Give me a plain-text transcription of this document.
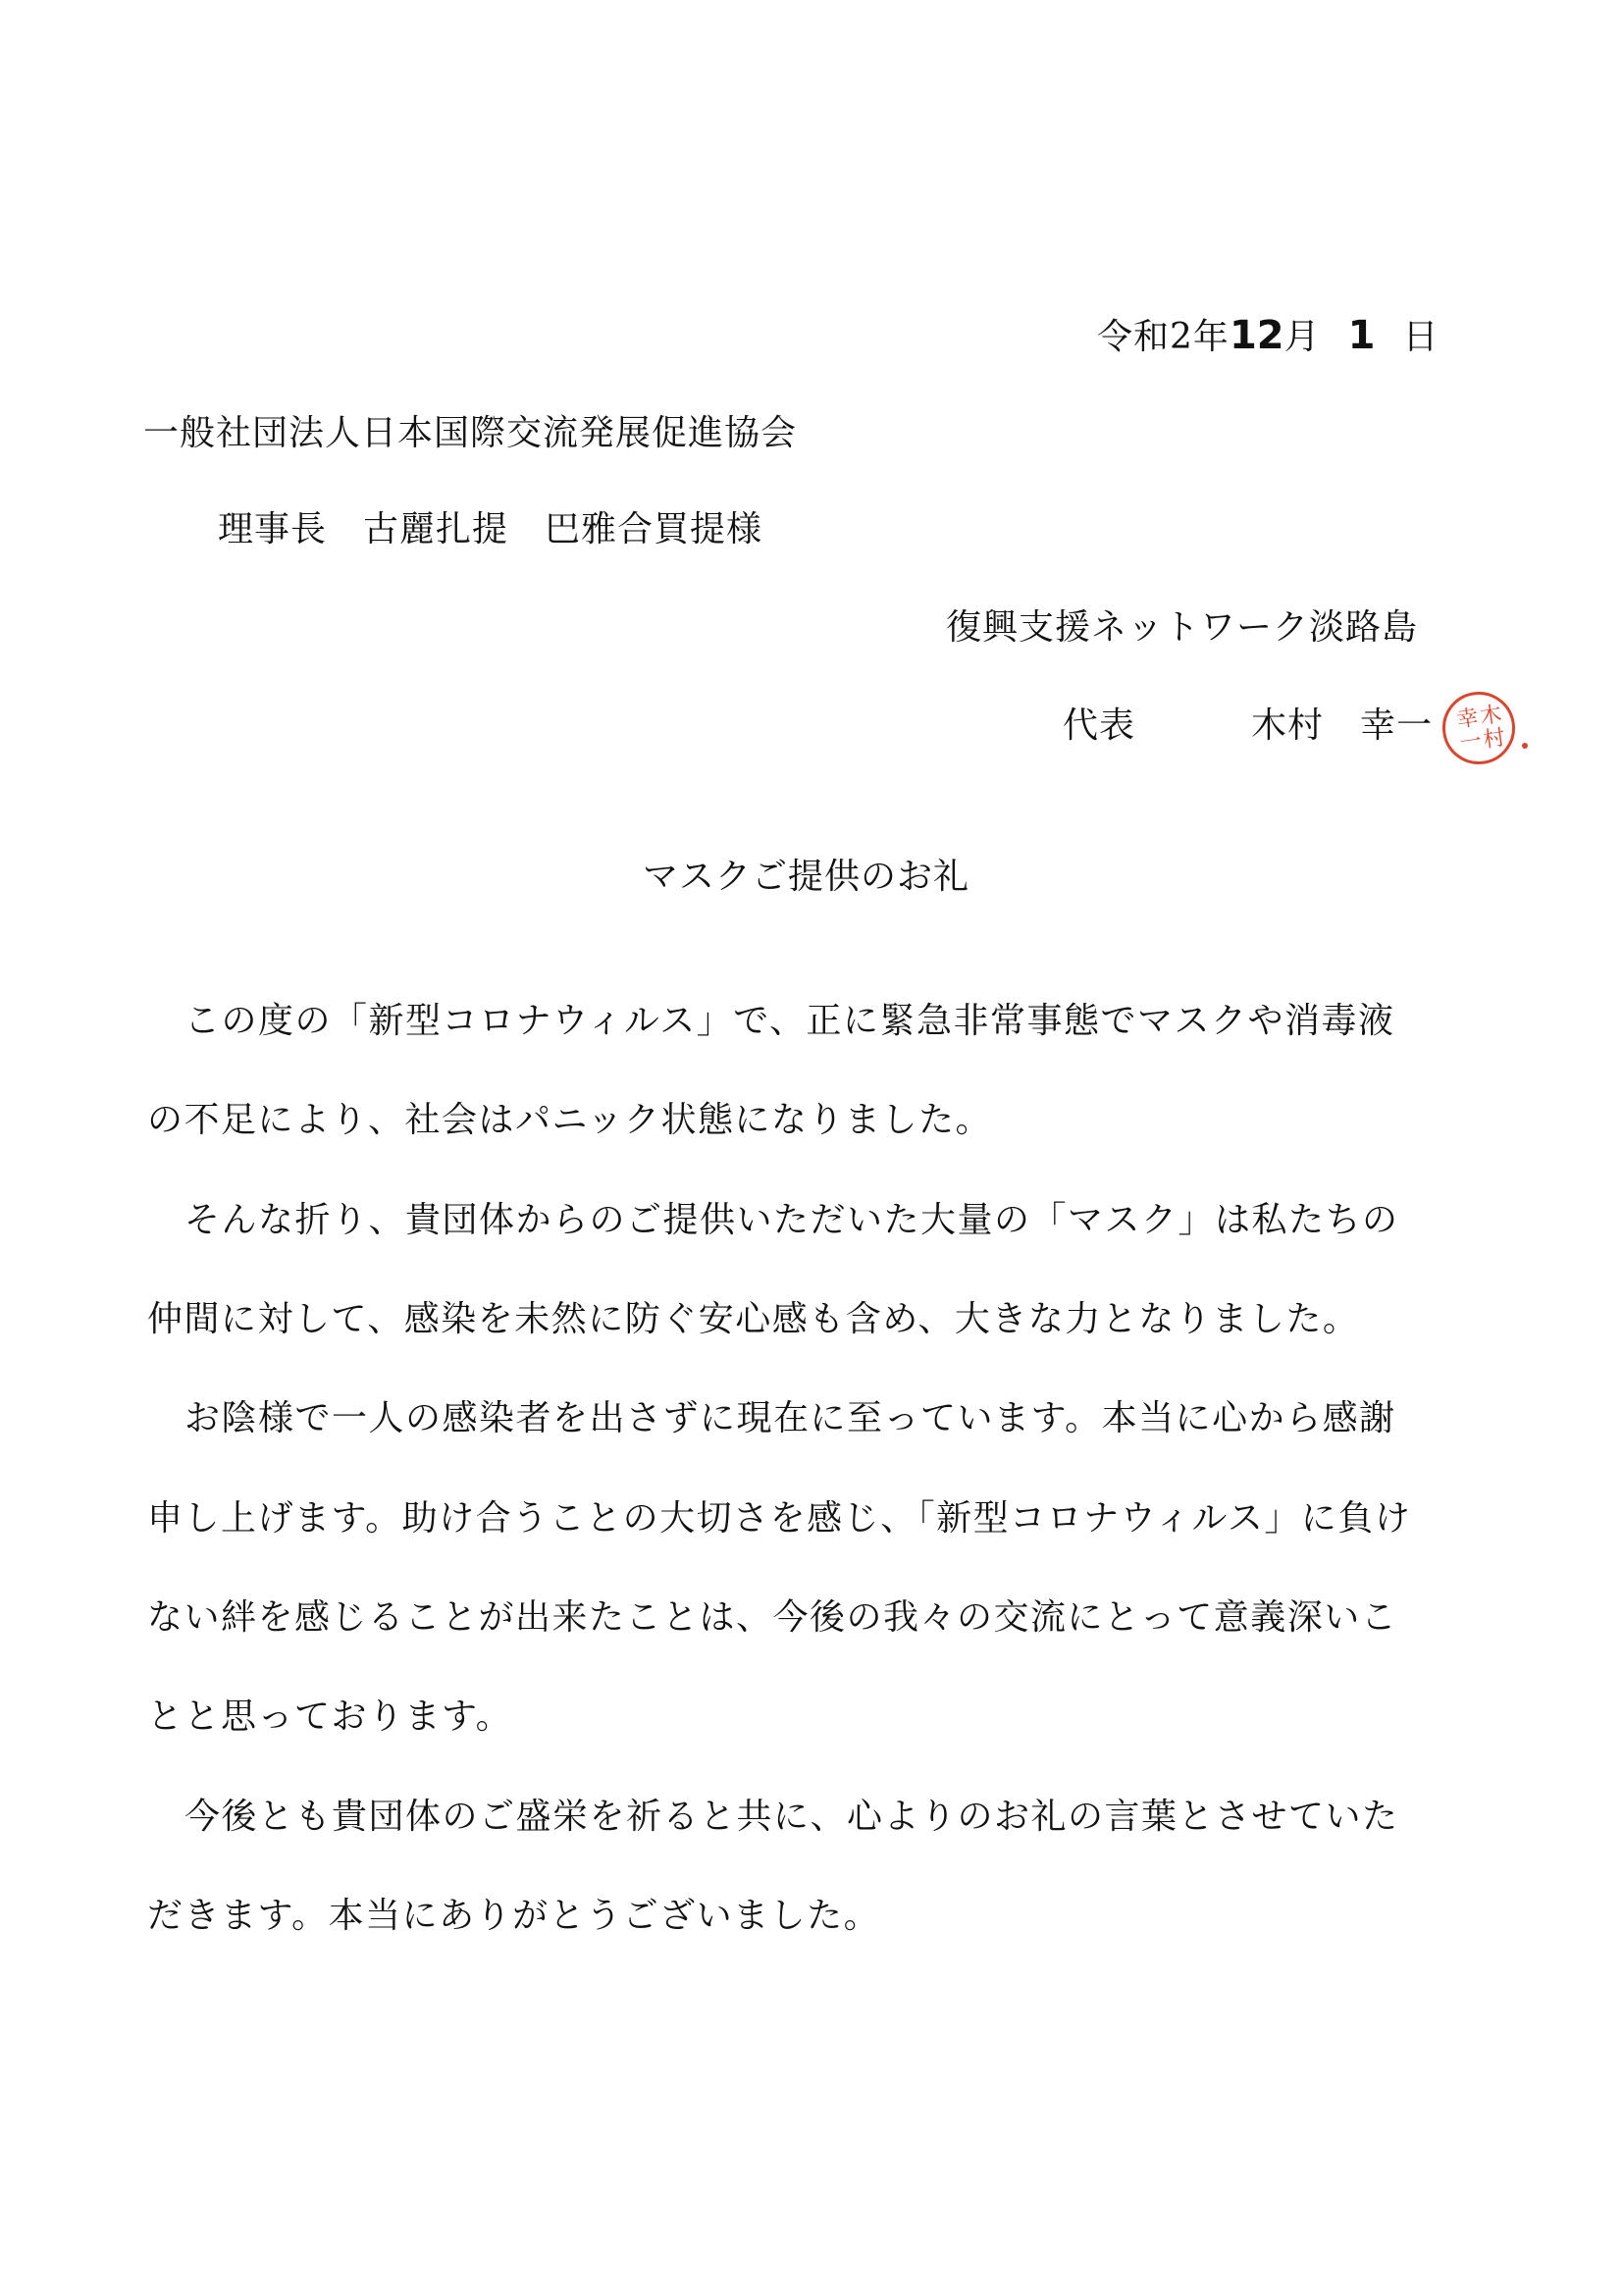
令和2年12月 1 日
一般社団法人日本国際交流発展促進協会
理事長　古麗扎提　巴雅合買提様
復興支援ネットワーク淡路島
代表	木村　幸一 木村
幸一
マスクご提供のお礼
この度の「新型コロナウィルス」で、正に緊急非常事態でマスクや消毒液
の不足により、社会はパニック状態になりました。
そんな折り、貴団体からのご提供いただいた大量の「マスク」は私たちの
仲間に対して、感染を未然に防ぐ安心感も含め、大きな力となりました。
お陰様で一人の感染者を出さずに現在に至っています。本当に心から感謝
申し上げます。助け合うことの大切さを感じ、「新型コロナウィルス」に負け
ない絆を感じることが出来たことは、今後の我々の交流にとって意義深いこ
とと思っております。
今後とも貴団体のご盛栄を祈ると共に、心よりのお礼の言葉とさせていた
だきます。本当にありがとうございました。
